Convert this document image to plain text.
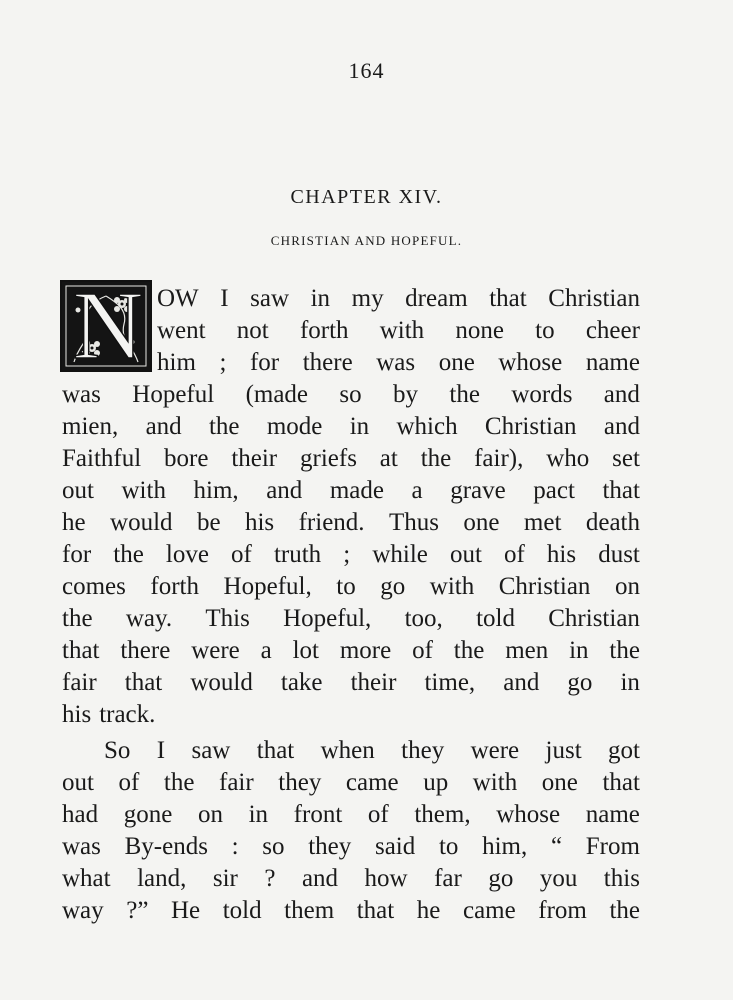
164

CHAPTER XIV.
CHRISTIAN AND HOPEFUL.
N OW I saw in my dream that Christian
went not forth with none to cheer
him ; for there was one whose name
was Hopeful (made so by the words and
mien, and the mode in which Christian and
Faithful bore their griefs at the fair), who set
out with him, and made a grave pact that
he would be his friend. Thus one met death
for the love of truth ; while out of his dust
comes forth Hopeful, to go with Christian on
the way. This Hopeful, too, told Christian
that there were a lot more of the men in the
fair that would take their time, and go in
his track.
So I saw that when they were just got
out of the fair they came up with one that
had gone on in front of them, whose name
was By-ends : so they said to him, “ From
what land, sir ? and how far go you this
way ?” He told them that he came from the
